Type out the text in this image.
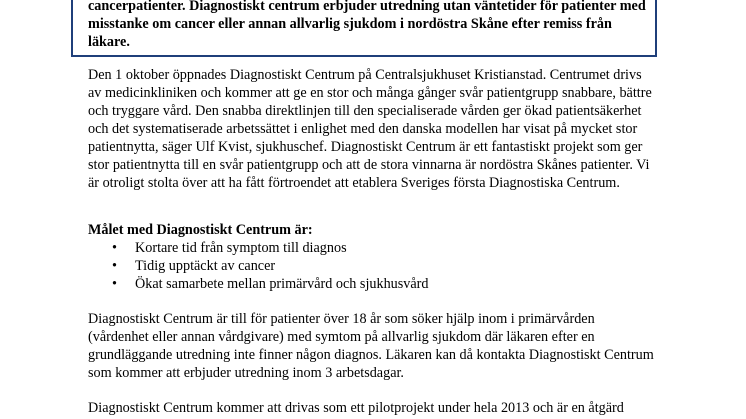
cancerpatienter. Diagnostiskt centrum erbjuder utredning utan väntetider för patienter med misstanke om cancer eller annan allvarlig sjukdom i nordöstra Skåne efter remiss från läkare.

Den 1 oktober öppnades Diagnostiskt Centrum på Centralsjukhuset Kristianstad. Centrumet drivs av medicinkliniken och kommer att ge en stor och många gånger svår patientgrupp snabbare, bättre och tryggare vård. Den snabba direktlinjen till den specialiserade vården ger ökad patientsäkerhet och det systematiserade arbetssättet i enlighet med den danska modellen har visat på mycket stor patientnytta, säger Ulf Kvist, sjukhuschef. Diagnostiskt Centrum är ett fantastiskt projekt som ger stor patientnytta till en svår patientgrupp och att de stora vinnarna är nordöstra Skånes patienter. Vi är otroligt stolta över att ha fått förtroendet att etablera Sveriges första Diagnostiska Centrum.

Målet med Diagnostiskt Centrum är:

• Kortare tid från symptom till diagnos
• Tidig upptäckt av cancer
• Ökat samarbete mellan primärvård och sjukhusvård

Diagnostiskt Centrum är till för patienter över 18 år som söker hjälp inom i primärvården (vårdenhet eller annan vårdgivare) med symtom på allvarlig sjukdom där läkaren efter en grundläggande utredning inte finner någon diagnos. Läkaren kan då kontakta Diagnostiskt Centrum som kommer att erbjuder utredning inom 3 arbetsdagar.

Diagnostiskt Centrum kommer att drivas som ett pilotprojekt under hela 2013 och är en åtgärd
